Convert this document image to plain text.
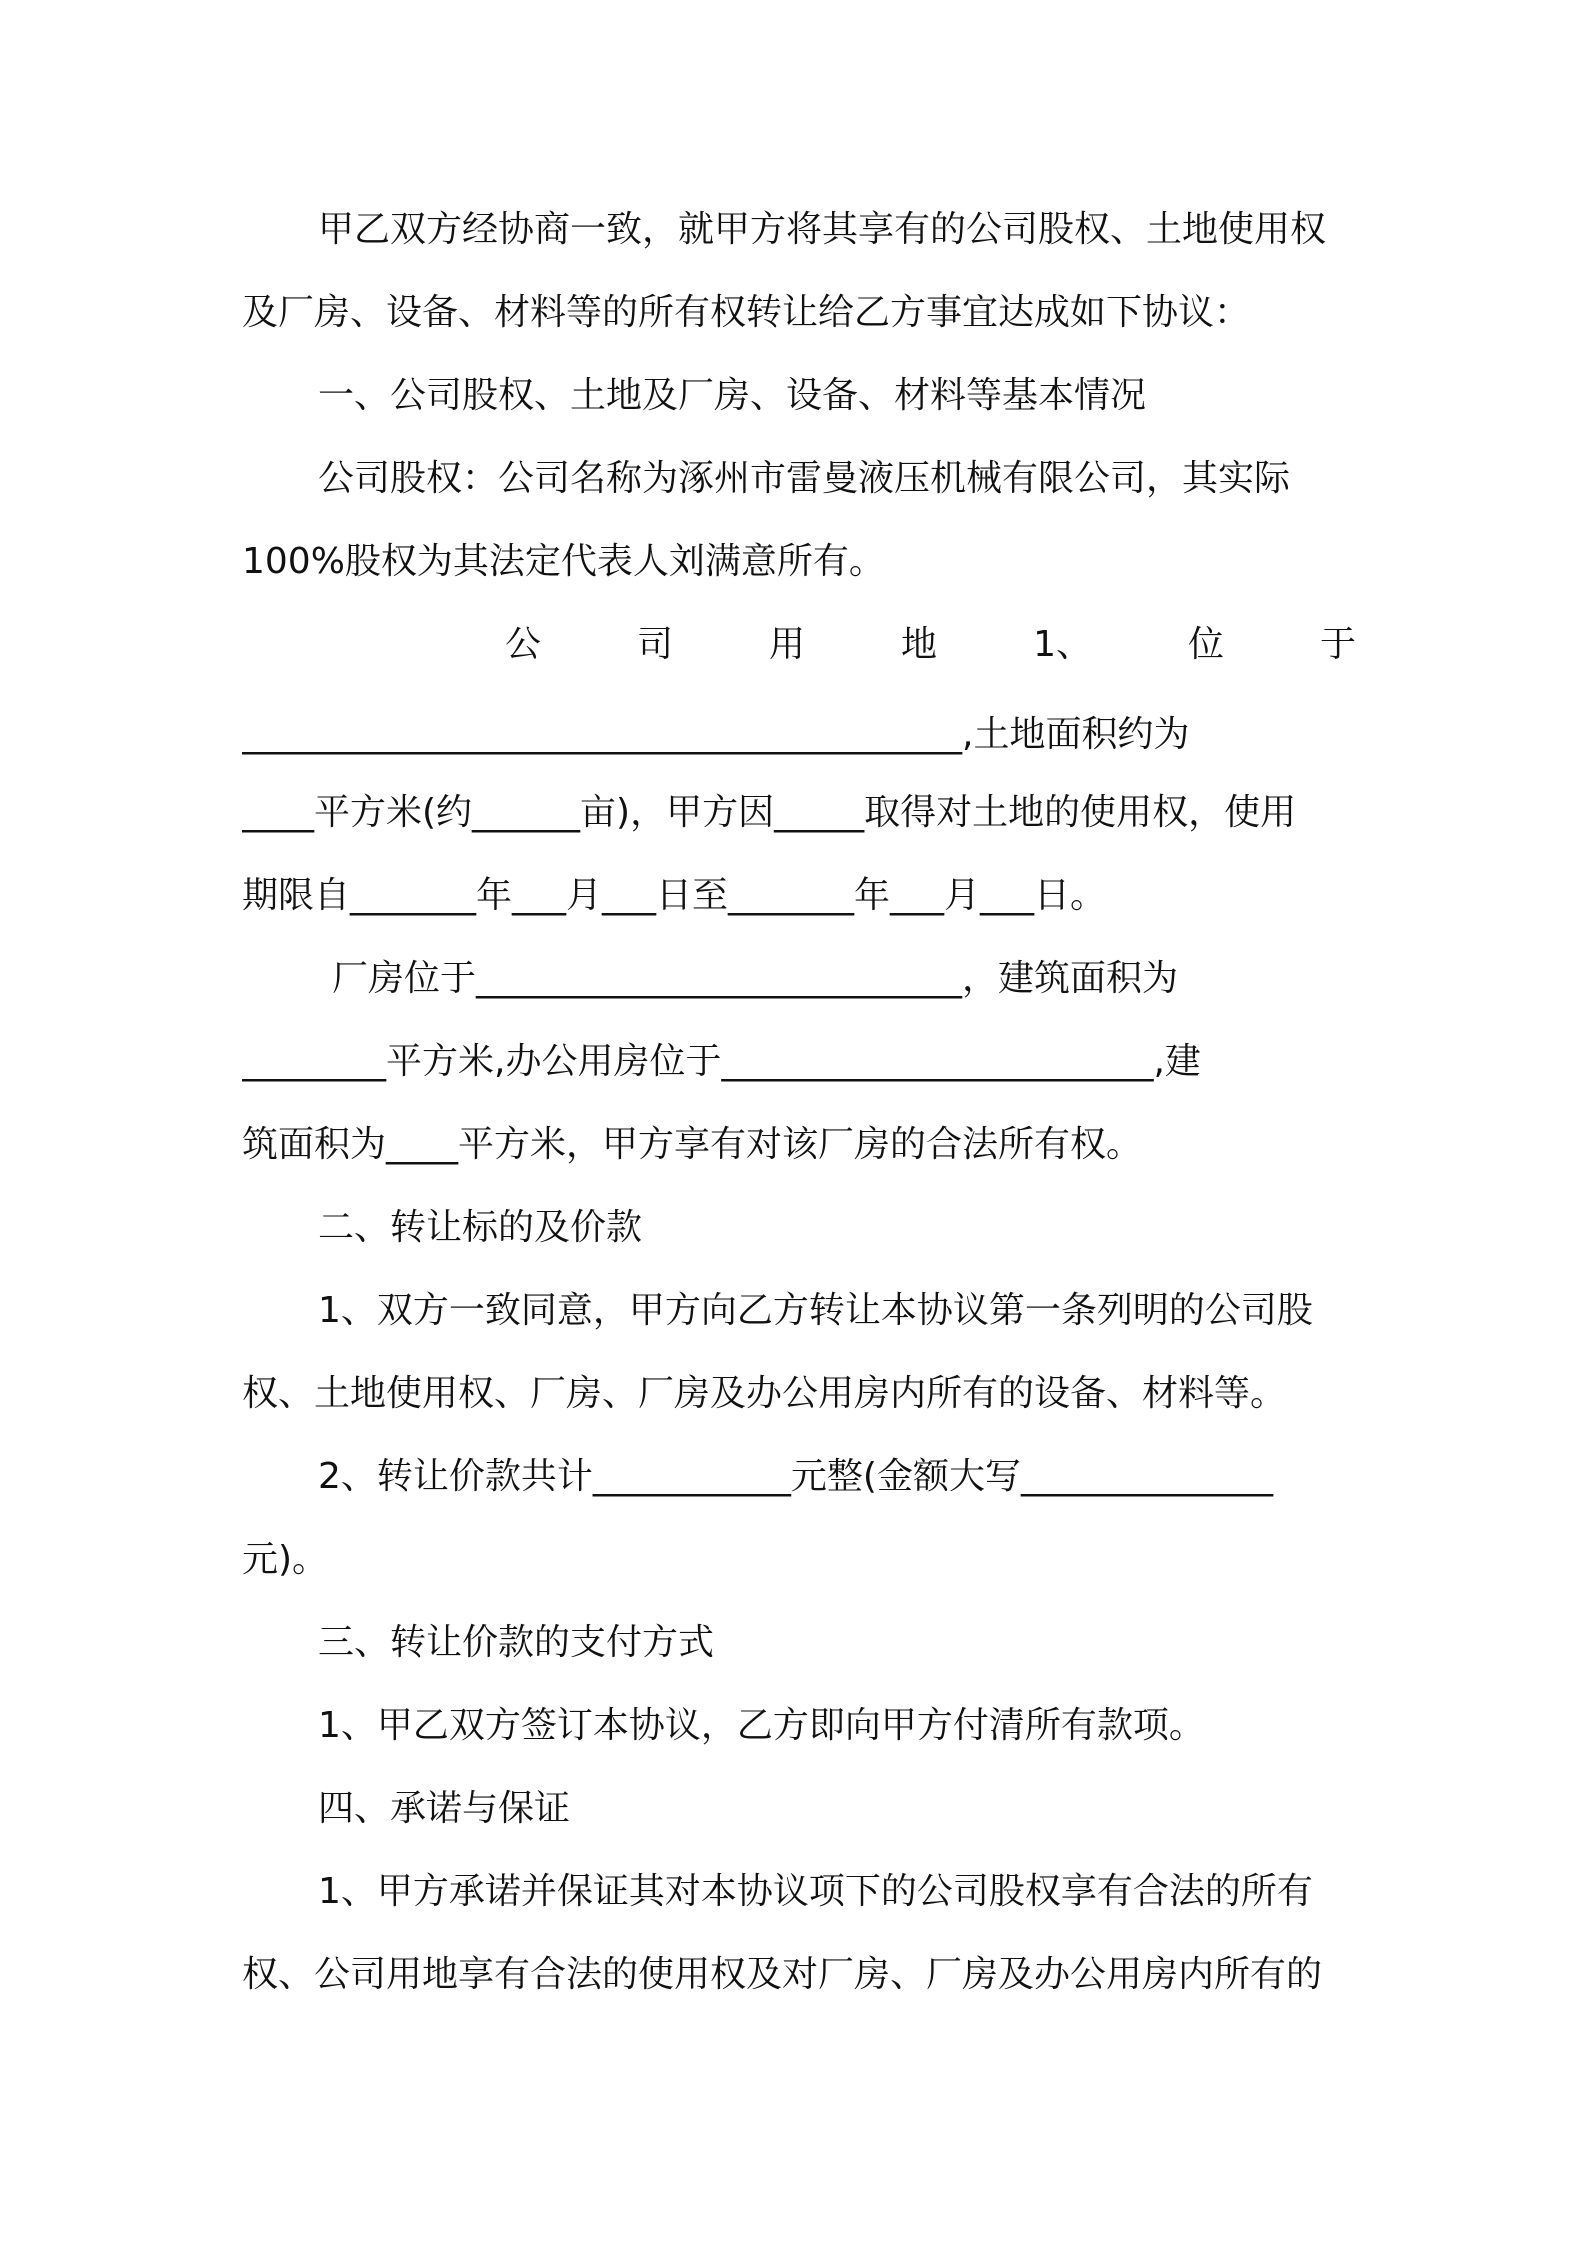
甲乙双方经协商一致，就甲方将其享有的公司股权、土地使用权
及厂房、设备、材料等的所有权转让给乙方事宜达成如下协议：
一、公司股权、土地及厂房、设备、材料等基本情况
公司股权：公司名称为涿州市雷曼液压机械有限公司，其实际
100%股权为其法定代表人刘满意所有。
公	司	用	地	1、	位	于
________________________________________,土地面积约为
____平方米(约______亩)，甲方因_____取得对土地的使用权，使用
期限自_______年___月___日至_______年___月___日。
厂房位于___________________________，建筑面积为
________平方米,办公用房位于________________________,建
筑面积为____平方米，甲方享有对该厂房的合法所有权。
二、转让标的及价款
1、双方一致同意，甲方向乙方转让本协议第一条列明的公司股
权、土地使用权、厂房、厂房及办公用房内所有的设备、材料等。
2、转让价款共计___________元整(金额大写______________
元)。
三、转让价款的支付方式
1、甲乙双方签订本协议，乙方即向甲方付清所有款项。
四、承诺与保证
1、甲方承诺并保证其对本协议项下的公司股权享有合法的所有
权、公司用地享有合法的使用权及对厂房、厂房及办公用房内所有的
